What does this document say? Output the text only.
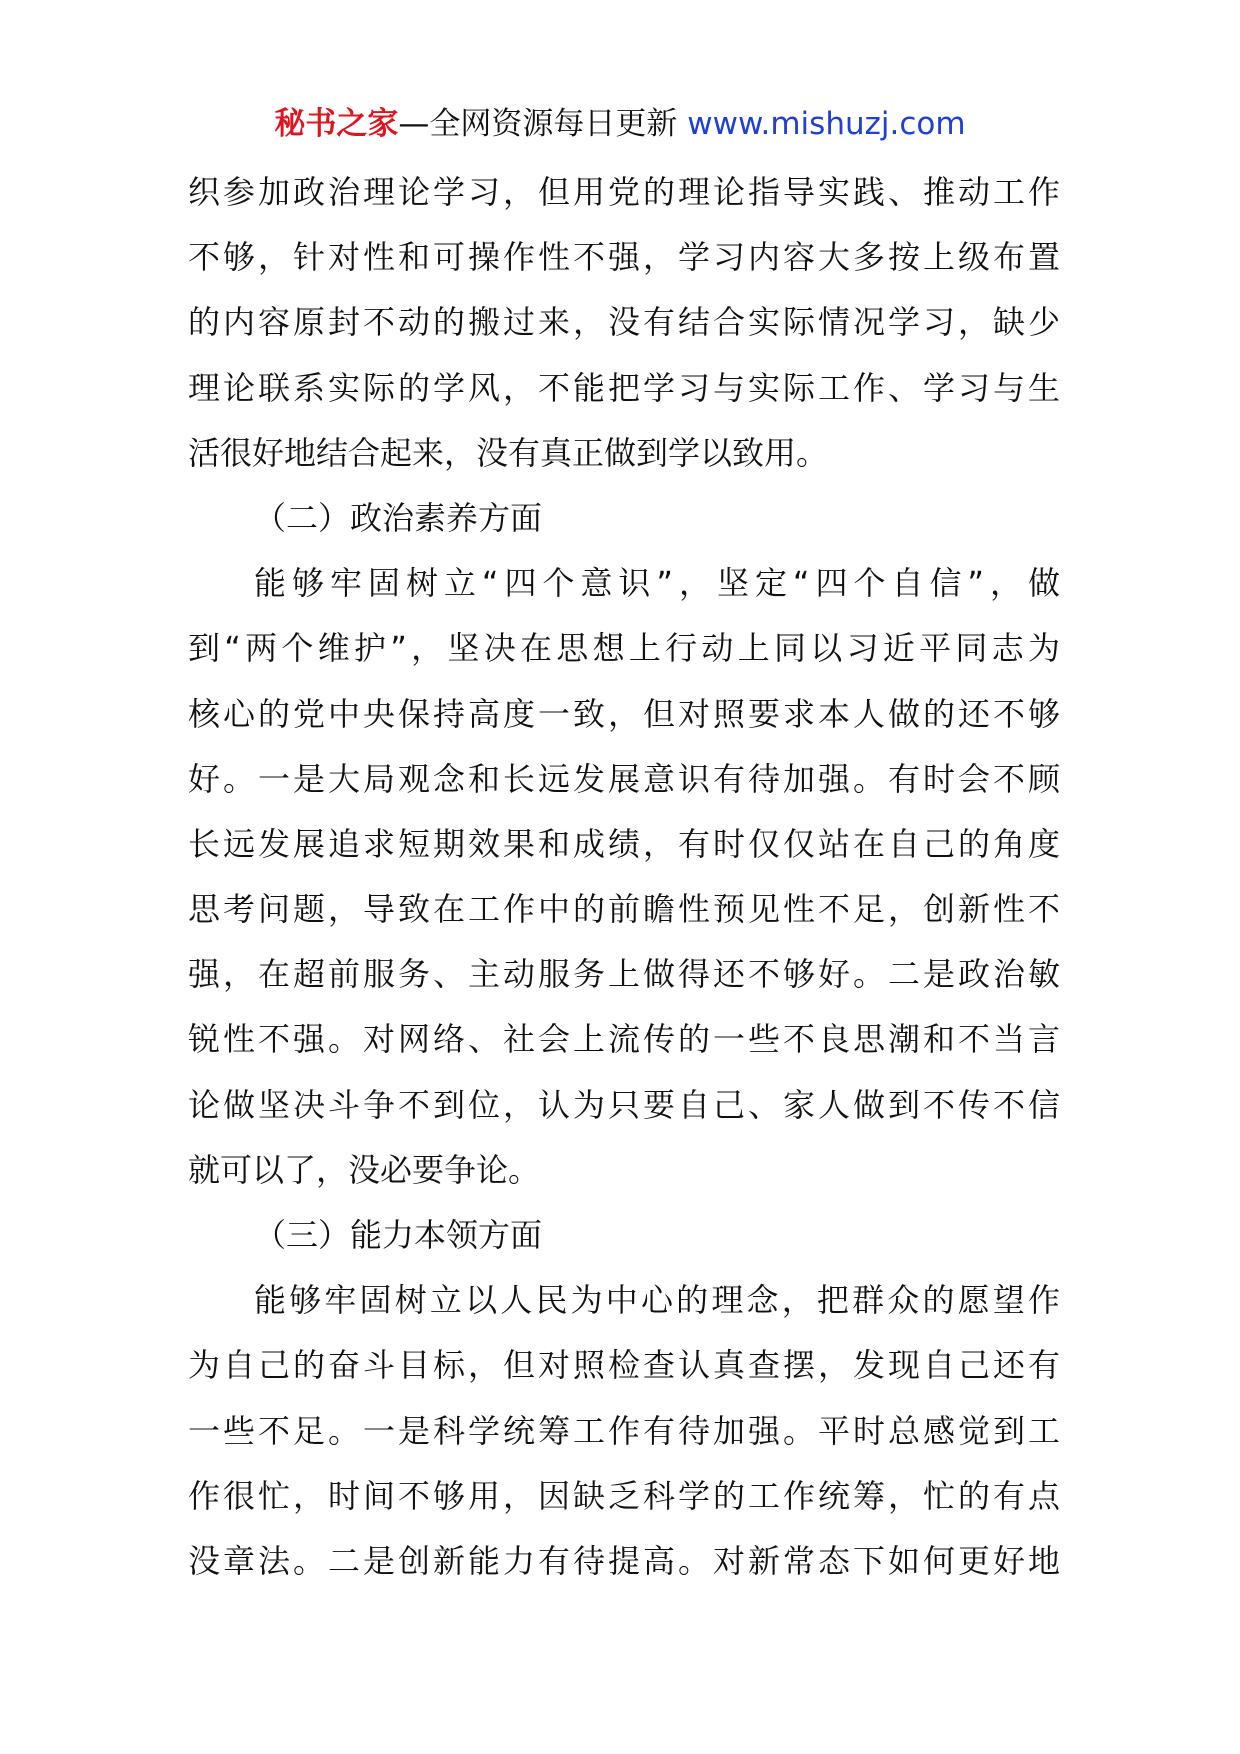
秘书之家—全网资源每日更新 www.mishuzj.com
织参加政治理论学习，但用党的理论指导实践、推动工作
不够，针对性和可操作性不强，学习内容大多按上级布置
的内容原封不动的搬过来，没有结合实际情况学习，缺少
理论联系实际的学风，不能把学习与实际工作、学习与生
活很好地结合起来，没有真正做到学以致用。
（二）政治素养方面
能够牢固树立“四个意识”，坚定“四个自信”，做
到“两个维护”，坚决在思想上行动上同以习近平同志为
核心的党中央保持高度一致，但对照要求本人做的还不够
好。一是大局观念和长远发展意识有待加强。有时会不顾
长远发展追求短期效果和成绩，有时仅仅站在自己的角度
思考问题，导致在工作中的前瞻性预见性不足，创新性不
强，在超前服务、主动服务上做得还不够好。二是政治敏
锐性不强。对网络、社会上流传的一些不良思潮和不当言
论做坚决斗争不到位，认为只要自己、家人做到不传不信
就可以了，没必要争论。
（三）能力本领方面
能够牢固树立以人民为中心的理念，把群众的愿望作
为自己的奋斗目标，但对照检查认真查摆，发现自己还有
一些不足。一是科学统筹工作有待加强。平时总感觉到工
作很忙，时间不够用，因缺乏科学的工作统筹，忙的有点
没章法。二是创新能力有待提高。对新常态下如何更好地
